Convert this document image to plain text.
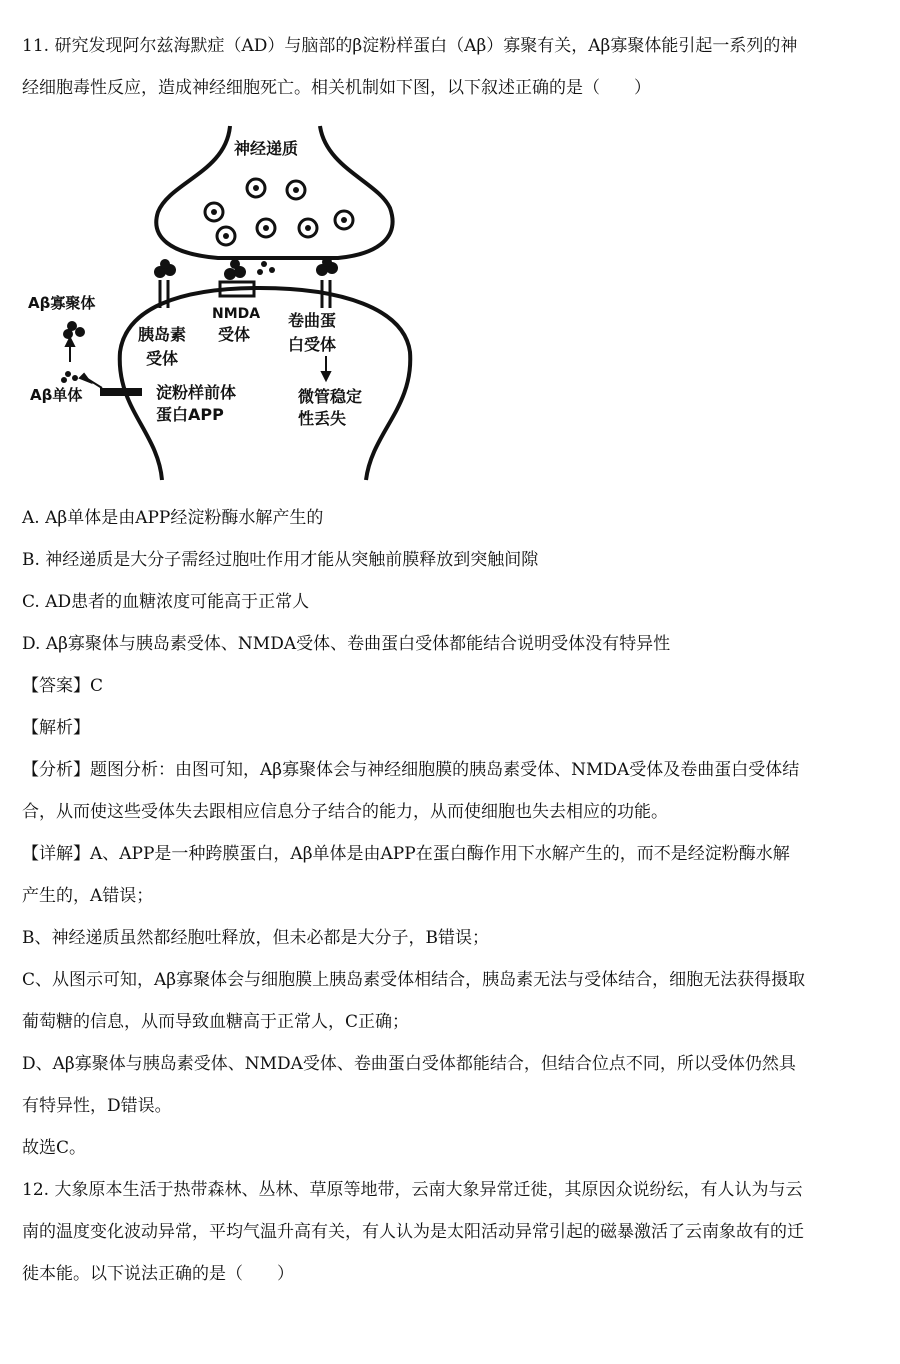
11. 研究发现阿尔兹海默症（AD）与脑部的β淀粉样蛋白（Aβ）寡聚有关，Aβ寡聚体能引起一系列的神
经细胞毒性反应，造成神经细胞死亡。相关机制如下图，以下叙述正确的是（　　）
神经递质
Aβ寡聚体
Aβ单体
胰岛素
受体
NMDA
受体
卷曲蛋
白受体
淀粉样前体
蛋白APP
微管稳定
性丢失
A. Aβ单体是由APP经淀粉酶水解产生的
B. 神经递质是大分子需经过胞吐作用才能从突触前膜释放到突触间隙
C. AD患者的血糖浓度可能高于正常人
D. Aβ寡聚体与胰岛素受体、NMDA受体、卷曲蛋白受体都能结合说明受体没有特异性
【答案】C
【解析】
【分析】题图分析：由图可知，Aβ寡聚体会与神经细胞膜的胰岛素受体、NMDA受体及卷曲蛋白受体结
合，从而使这些受体失去跟相应信息分子结合的能力，从而使细胞也失去相应的功能。
【详解】A、APP是一种跨膜蛋白，Aβ单体是由APP在蛋白酶作用下水解产生的，而不是经淀粉酶水解
产生的，A错误；
B、神经递质虽然都经胞吐释放，但未必都是大分子，B错误；
C、从图示可知，Aβ寡聚体会与细胞膜上胰岛素受体相结合，胰岛素无法与受体结合，细胞无法获得摄取
葡萄糖的信息，从而导致血糖高于正常人，C正确；
D、Aβ寡聚体与胰岛素受体、NMDA受体、卷曲蛋白受体都能结合，但结合位点不同，所以受体仍然具
有特异性，D错误。
故选C。
12. 大象原本生活于热带森林、丛林、草原等地带，云南大象异常迁徙，其原因众说纷纭，有人认为与云
南的温度变化波动异常，平均气温升高有关，有人认为是太阳活动异常引起的磁暴激活了云南象故有的迁
徙本能。以下说法正确的是（　　）
